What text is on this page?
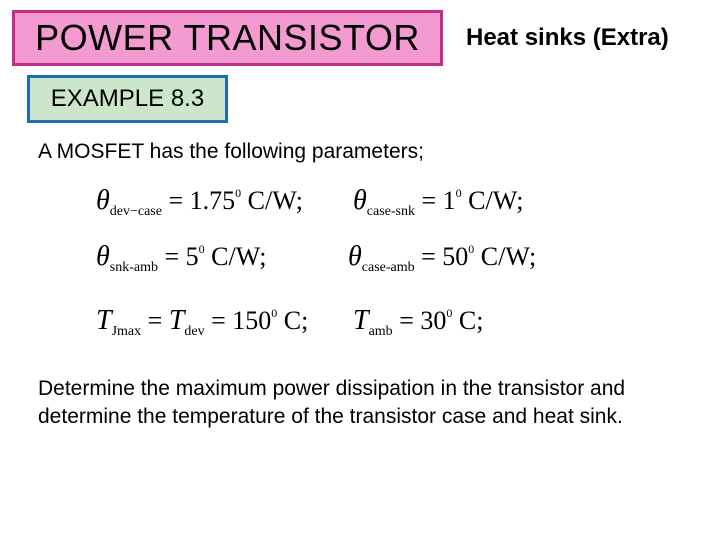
POWER TRANSISTOR Heat sinks (Extra)
EXAMPLE 8.3
A MOSFET has the following parameters;
$\theta_{dev-case} = 1.75^0$ C/W; $\theta_{case-snk} = 1^0$ C/W;
$\theta_{snk-amb} = 5^0$ C/W;	$\theta_{case-amb} = 50^0$ C/W;
$T_{Jmax} = T_{dev} = 150^0$ C; $T_{amb} = 30^0$ C;
Determine the maximum power dissipation in the transistor and determine the temperature of the transistor case and heat sink.
